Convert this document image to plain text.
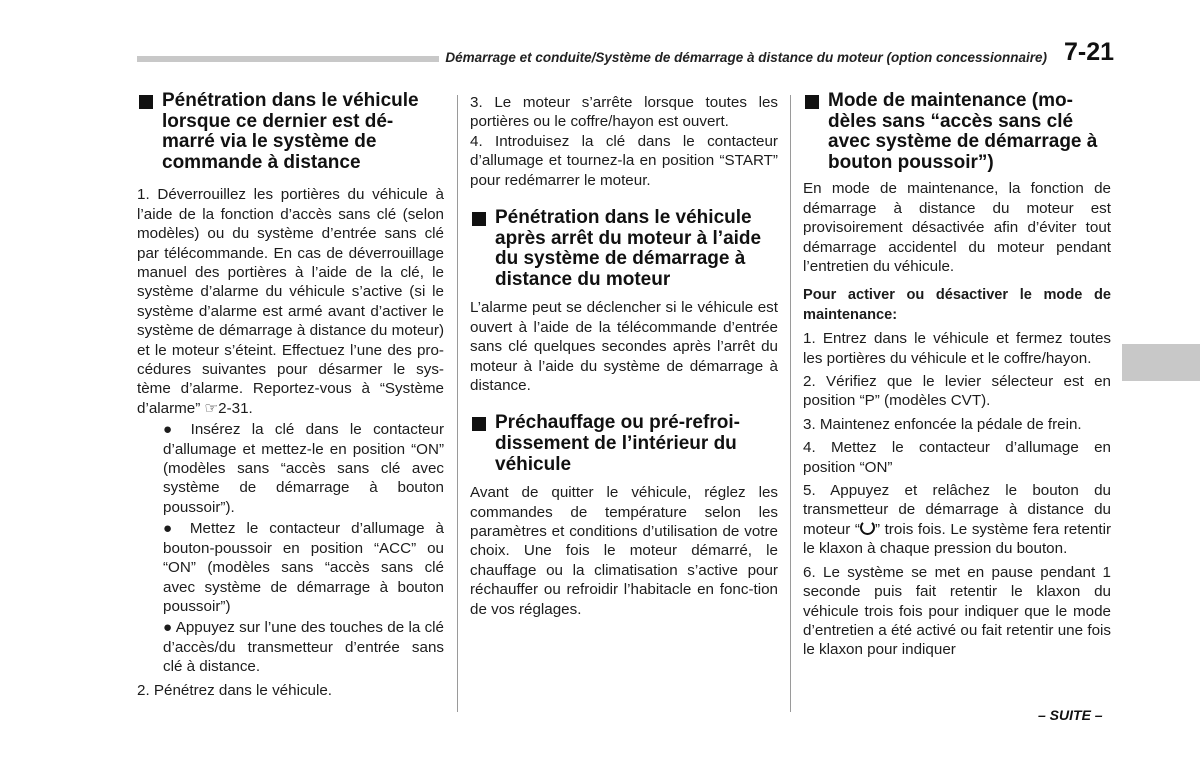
Démarrage et conduite/Système de démarrage à distance du moteur (option concessionnaire) 7-21
Pénétration dans le véhicule lorsque ce dernier est dé-marré via le système de commande à distance

1. Déverrouillez les portières du véhicule à l’aide de la fonction d’accès sans clé (selon modèles) ou du système d’entrée sans clé par télécommande. En cas de déverrouillage manuel des portières à l’aide de la clé, le système d’alarme du véhicule s’active (si le système d’alarme est armé avant d’activer le système de démarrage à distance du moteur) et le moteur s’éteint. Effectuez l’une des pro-cédures suivantes pour désarmer le sys-tème d’alarme. Reportez-vous à “Système d’alarme” ☞2-31.

● Insérez la clé dans le contacteur d’allumage et mettez-le en position “ON” (modèles sans “accès sans clé avec système de démarrage à bouton poussoir”).

● Mettez le contacteur d’allumage à bouton-poussoir en position “ACC” ou “ON” (modèles sans “accès sans clé avec système de démarrage à bouton poussoir”)

● Appuyez sur l’une des touches de la clé d’accès/du transmetteur d’entrée sans clé à distance.

2. Pénétrez dans le véhicule.

3. Le moteur s’arrête lorsque toutes les portières ou le coffre/hayon est ouvert.

4. Introduisez la clé dans le contacteur d’allumage et tournez-la en position “START” pour redémarrer le moteur.

Pénétration dans le véhicule après arrêt du moteur à l’aide du système de démarrage à distance du moteur

L’alarme peut se déclencher si le véhicule est ouvert à l’aide de la télécommande d’entrée sans clé quelques secondes après l’arrêt du moteur à l’aide du système de démarrage à distance.

Préchauffage ou pré-refroi-dissement de l’intérieur du véhicule

Avant de quitter le véhicule, réglez les commandes de température selon les paramètres et conditions d’utilisation de votre choix. Une fois le moteur démarré, le chauffage ou la climatisation s’active pour réchauffer ou refroidir l’habitacle en fonc-tion de vos réglages.

Mode de maintenance (mo-dèles sans “accès sans clé avec système de démarrage à bouton poussoir”)

En mode de maintenance, la fonction de démarrage à distance du moteur est provisoirement désactivée afin d’éviter tout démarrage accidentel du moteur pendant l’entretien du véhicule.

Pour activer ou désactiver le mode de maintenance:

1. Entrez dans le véhicule et fermez toutes les portières du véhicule et le coffre/hayon.

2. Vérifiez que le levier sélecteur est en position “P” (modèles CVT).

3. Maintenez enfoncée la pédale de frein.

4. Mettez le contacteur d’allumage en position “ON”

5. Appuyez et relâchez le bouton du transmetteur de démarrage à distance du moteur “ ” trois fois. Le système fera retentir le klaxon à chaque pression du bouton.

6. Le système se met en pause pendant 1 seconde puis fait retentir le klaxon du véhicule trois fois pour indiquer que le mode d’entretien a été activé ou fait retentir une fois le klaxon pour indiquer

– SUITE –
